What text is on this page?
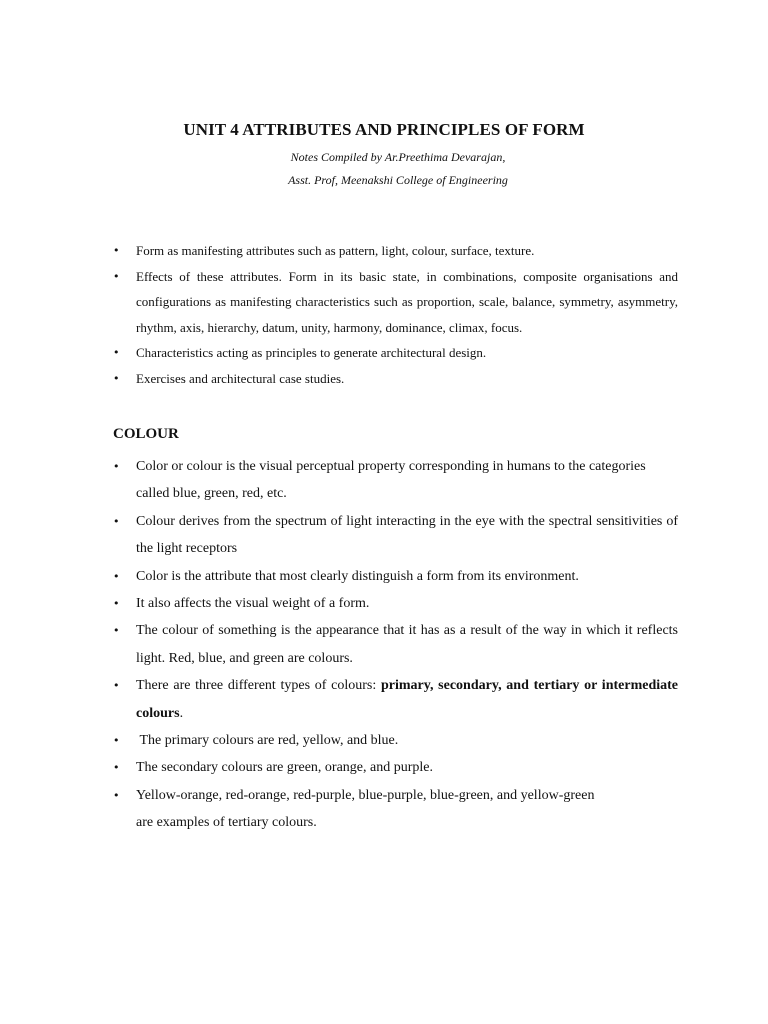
UNIT 4 ATTRIBUTES AND PRINCIPLES OF FORM
Notes Compiled by Ar.Preethima Devarajan,
Asst. Prof, Meenakshi College of Engineering
• Form as manifesting attributes such as pattern, light, colour, surface, texture.
• Effects of these attributes. Form in its basic state, in combinations, composite organisations and configurations as manifesting characteristics such as proportion, scale, balance, symmetry, asymmetry, rhythm, axis, hierarchy, datum, unity, harmony, dominance, climax, focus.
• Characteristics acting as principles to generate architectural design.
• Exercises and architectural case studies.
COLOUR
• Color or colour is the visual perceptual property corresponding in humans to the categories called blue, green, red, etc.
• Colour derives from the spectrum of light interacting in the eye with the spectral sensitivities of the light receptors
• Color is the attribute that most clearly distinguish a form from its environment.
• It also affects the visual weight of a form.
• The colour of something is the appearance that it has as a result of the way in which it reflects light. Red, blue, and green are colours.
• There are three different types of colours: primary, secondary, and tertiary or intermediate colours.
•  The primary colours are red, yellow, and blue.
• The secondary colours are green, orange, and purple.
• Yellow-orange, red-orange, red-purple, blue-purple, blue-green, and yellow-green
are examples of tertiary colours.
